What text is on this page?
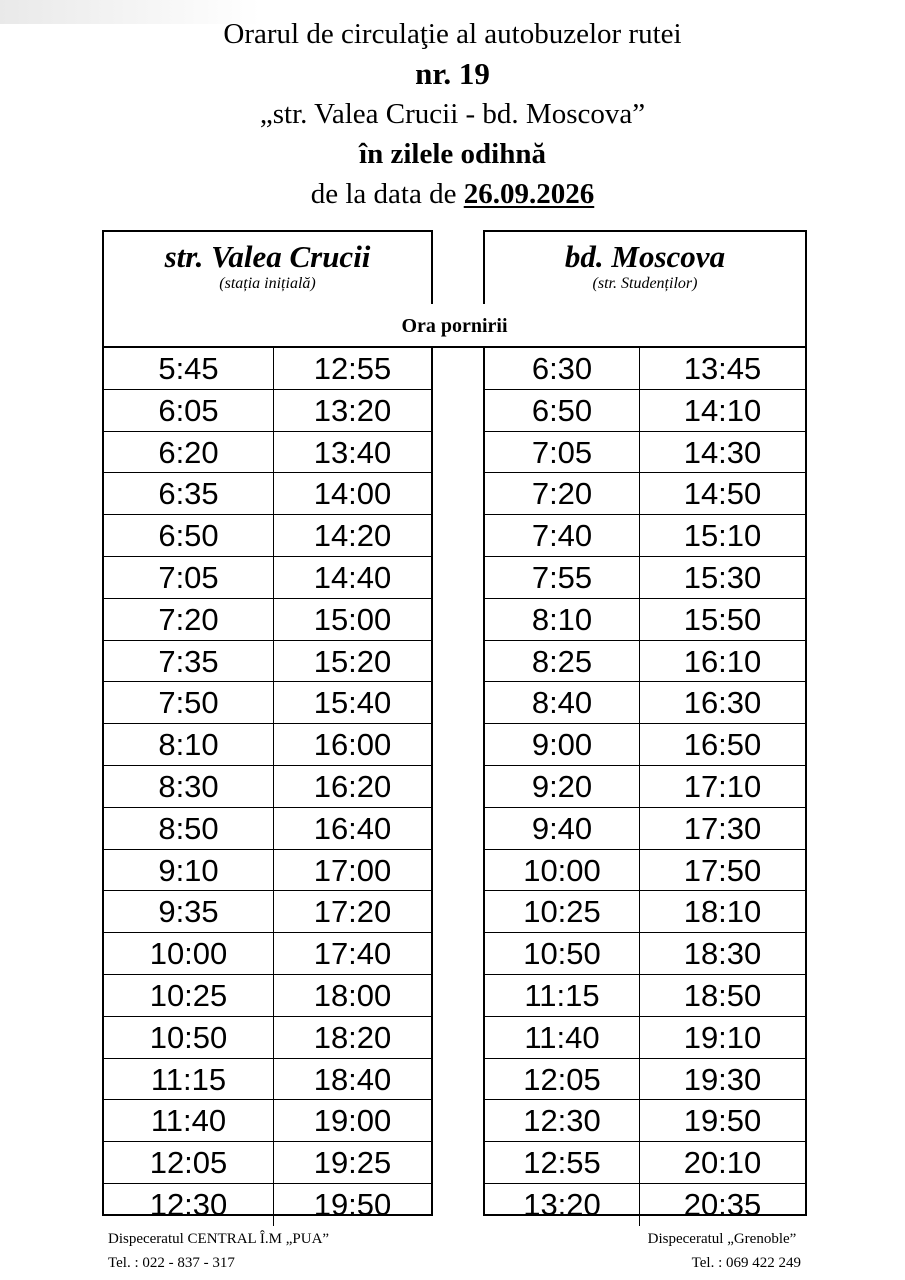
Orarul de circulaţie al autobuzelor rutei
nr. 19
„str. Valea Crucii - bd. Moscova”
în zilele odihnă
de la data de 26.09.2026
str. Valea Crucii
(stația inițială)
5:45	12:55
6:05	13:20
6:20	13:40
6:35	14:00
6:50	14:20
7:05	14:40
7:20	15:00
7:35	15:20
7:50	15:40
8:10	16:00
8:30	16:20
8:50	16:40
9:10	17:00
9:35	17:20
10:00	17:40
10:25	18:00
10:50	18:20
11:15	18:40
11:40	19:00
12:05	19:25
12:30	19:50
bd. Moscova
(str. Studenților)
6:30	13:45
6:50	14:10
7:05	14:30
7:20	14:50
7:40	15:10
7:55	15:30
8:10	15:50
8:25	16:10
8:40	16:30
9:00	16:50
9:20	17:10
9:40	17:30
10:00	17:50
10:25	18:10
10:50	18:30
11:15	18:50
11:40	19:10
12:05	19:30
12:30	19:50
12:55	20:10
13:20	20:35
Ora pornirii
Dispeceratul CENTRAL Î.M „PUA”
Tel. : 022 - 837 - 317
Dispeceratul „Grenoble”
Tel. : 069 422 249
